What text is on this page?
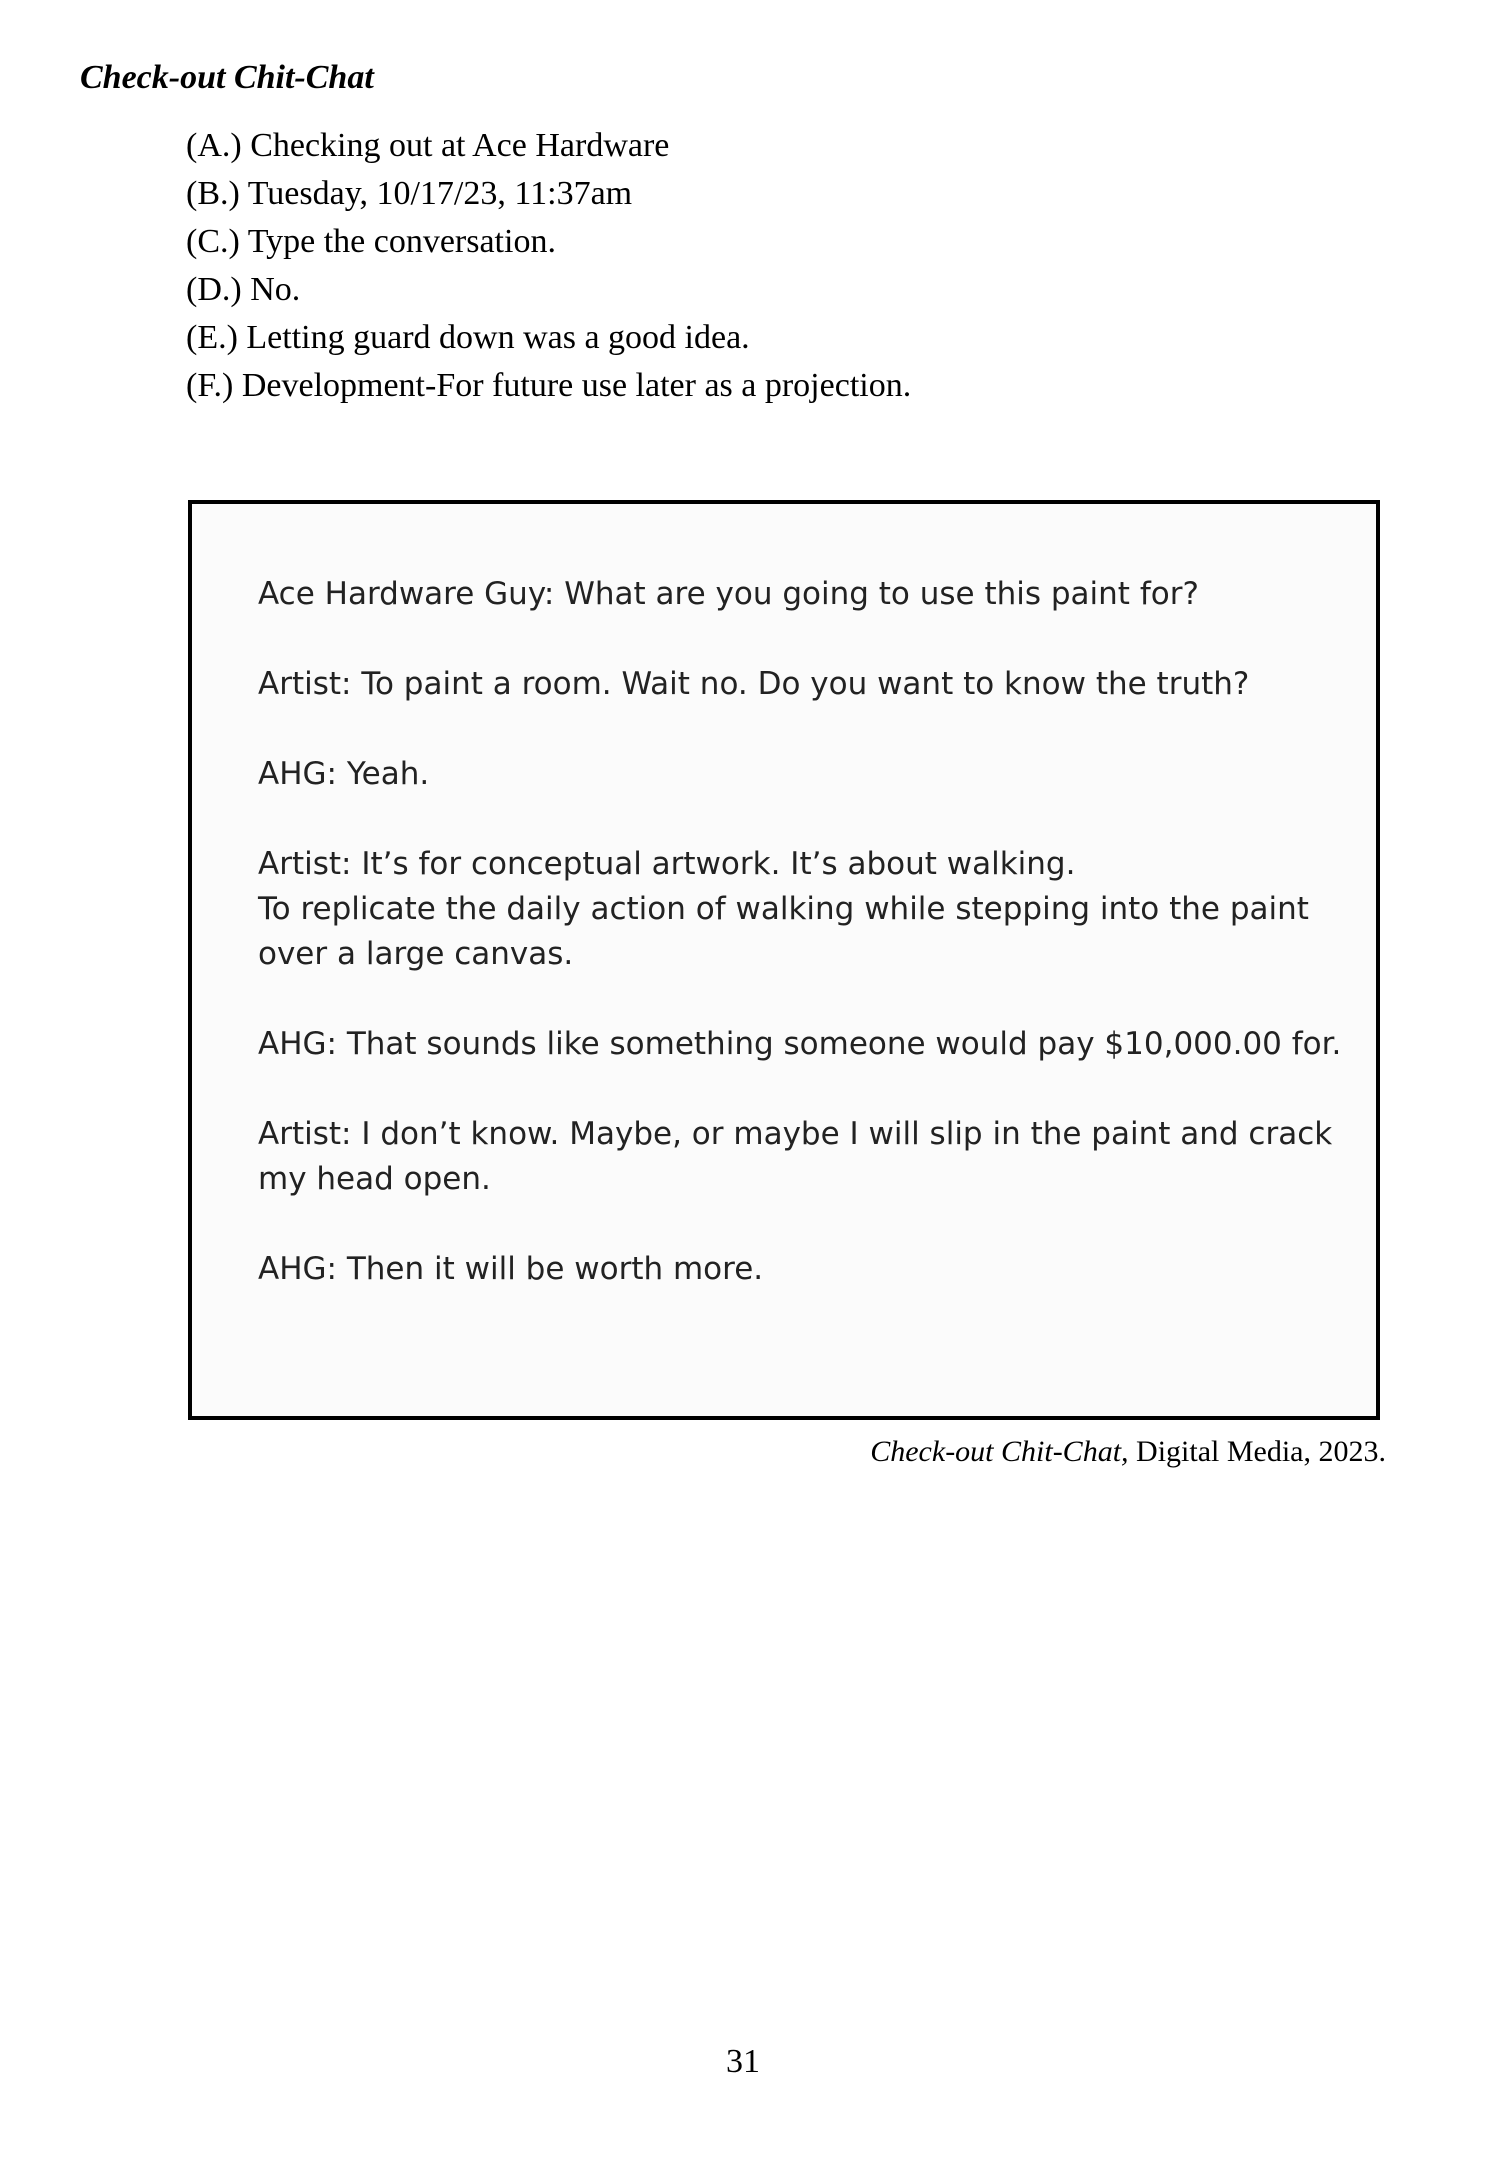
Check-out Chit-Chat
(A.) Checking out at Ace Hardware
(B.) Tuesday, 10/17/23, 11:37am
(C.) Type the conversation.
(D.) No.
(E.) Letting guard down was a good idea.
(F.) Development-For future use later as a projection.

Ace Hardware Guy: What are you going to use this paint for?

Artist: To paint a room. Wait no. Do you want to know the truth?

AHG: Yeah.

Artist: It’s for conceptual artwork. It’s about walking.
To replicate the daily action of walking while stepping into the paint
over a large canvas.

AHG: That sounds like something someone would pay $10,000.00 for.

Artist: I don’t know. Maybe, or maybe I will slip in the paint and crack
my head open.

AHG: Then it will be worth more.

Check-out Chit-Chat, Digital Media, 2023.
31
